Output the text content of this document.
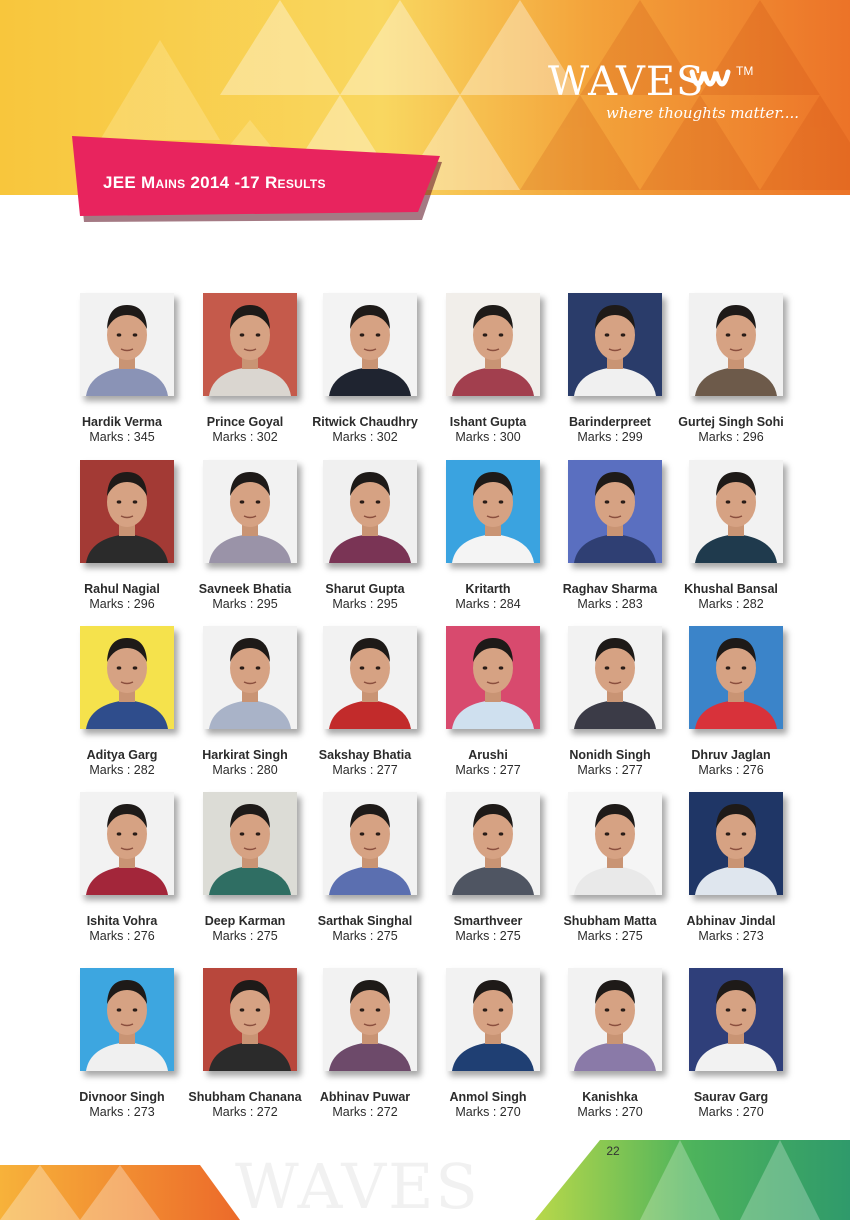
WAVES	TM
where thoughts matter....
JEE Mains 2014 -17 Results
Hardik Verma
Marks : 345
Prince Goyal
Marks : 302
Ritwick Chaudhry
Marks : 302
Ishant Gupta
Marks : 300
Barinderpreet
Marks : 299
Gurtej Singh Sohi
Marks : 296
Rahul Nagial
Marks : 296
Savneek Bhatia
Marks : 295
Sharut Gupta
Marks : 295
Kritarth
Marks : 284
Raghav Sharma
Marks : 283
Khushal Bansal
Marks : 282
Aditya Garg
Marks : 282
Harkirat Singh
Marks : 280
Sakshay Bhatia
Marks : 277
Arushi
Marks : 277
Nonidh Singh
Marks : 277
Dhruv Jaglan
Marks : 276
Ishita Vohra
Marks : 276
Deep Karman
Marks : 275
Sarthak Singhal
Marks : 275
Smarthveer
Marks : 275
Shubham Matta
Marks : 275
Abhinav Jindal
Marks : 273
Divnoor Singh
Marks : 273
Shubham Chanana
Marks : 272
Abhinav Puwar
Marks : 272
Anmol Singh
Marks : 270
Kanishka
Marks : 270
Saurav Garg
Marks : 270
WAVES	22
